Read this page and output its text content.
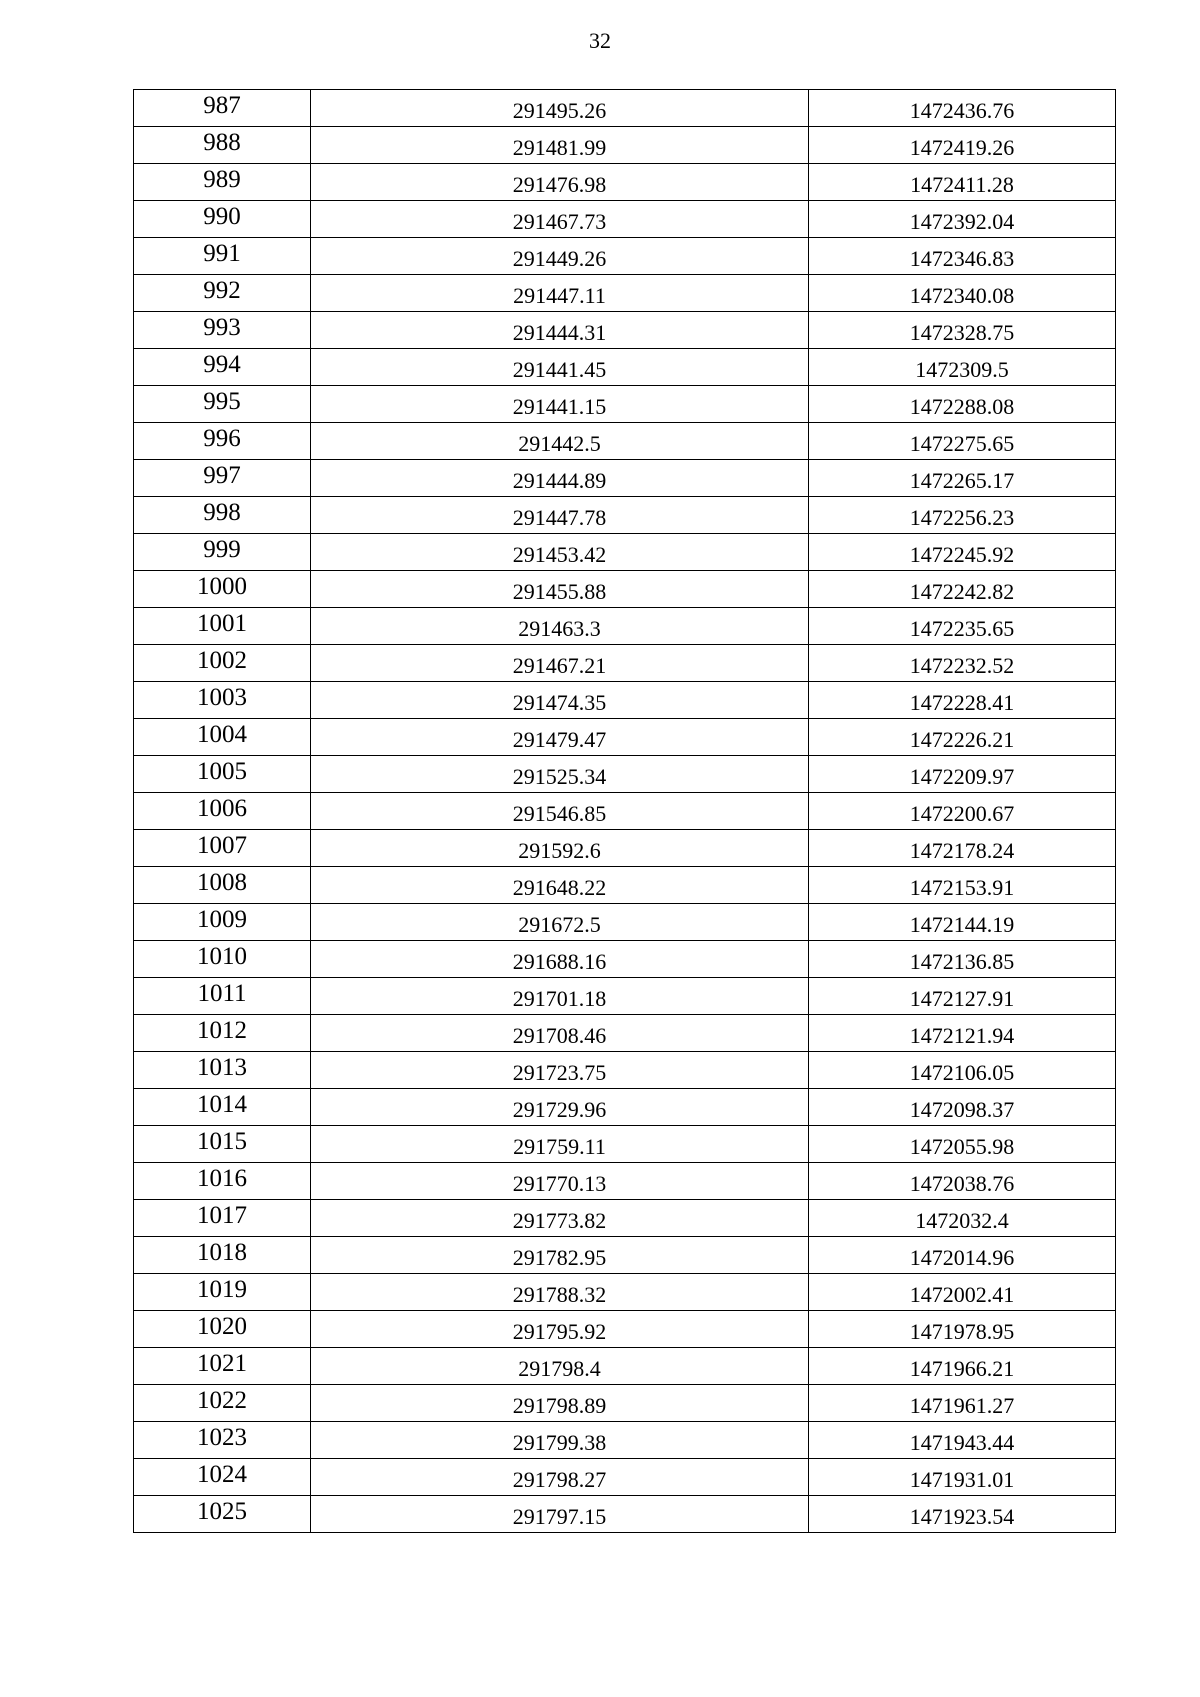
32
987	291495.26	1472436.76
988	291481.99	1472419.26
989	291476.98	1472411.28
990	291467.73	1472392.04
991	291449.26	1472346.83
992	291447.11	1472340.08
993	291444.31	1472328.75
994	291441.45	1472309.5
995	291441.15	1472288.08
996	291442.5	1472275.65
997	291444.89	1472265.17
998	291447.78	1472256.23
999	291453.42	1472245.92
1000	291455.88	1472242.82
1001	291463.3	1472235.65
1002	291467.21	1472232.52
1003	291474.35	1472228.41
1004	291479.47	1472226.21
1005	291525.34	1472209.97
1006	291546.85	1472200.67
1007	291592.6	1472178.24
1008	291648.22	1472153.91
1009	291672.5	1472144.19
1010	291688.16	1472136.85
1011	291701.18	1472127.91
1012	291708.46	1472121.94
1013	291723.75	1472106.05
1014	291729.96	1472098.37
1015	291759.11	1472055.98
1016	291770.13	1472038.76
1017	291773.82	1472032.4
1018	291782.95	1472014.96
1019	291788.32	1472002.41
1020	291795.92	1471978.95
1021	291798.4	1471966.21
1022	291798.89	1471961.27
1023	291799.38	1471943.44
1024	291798.27	1471931.01
1025	291797.15	1471923.54
